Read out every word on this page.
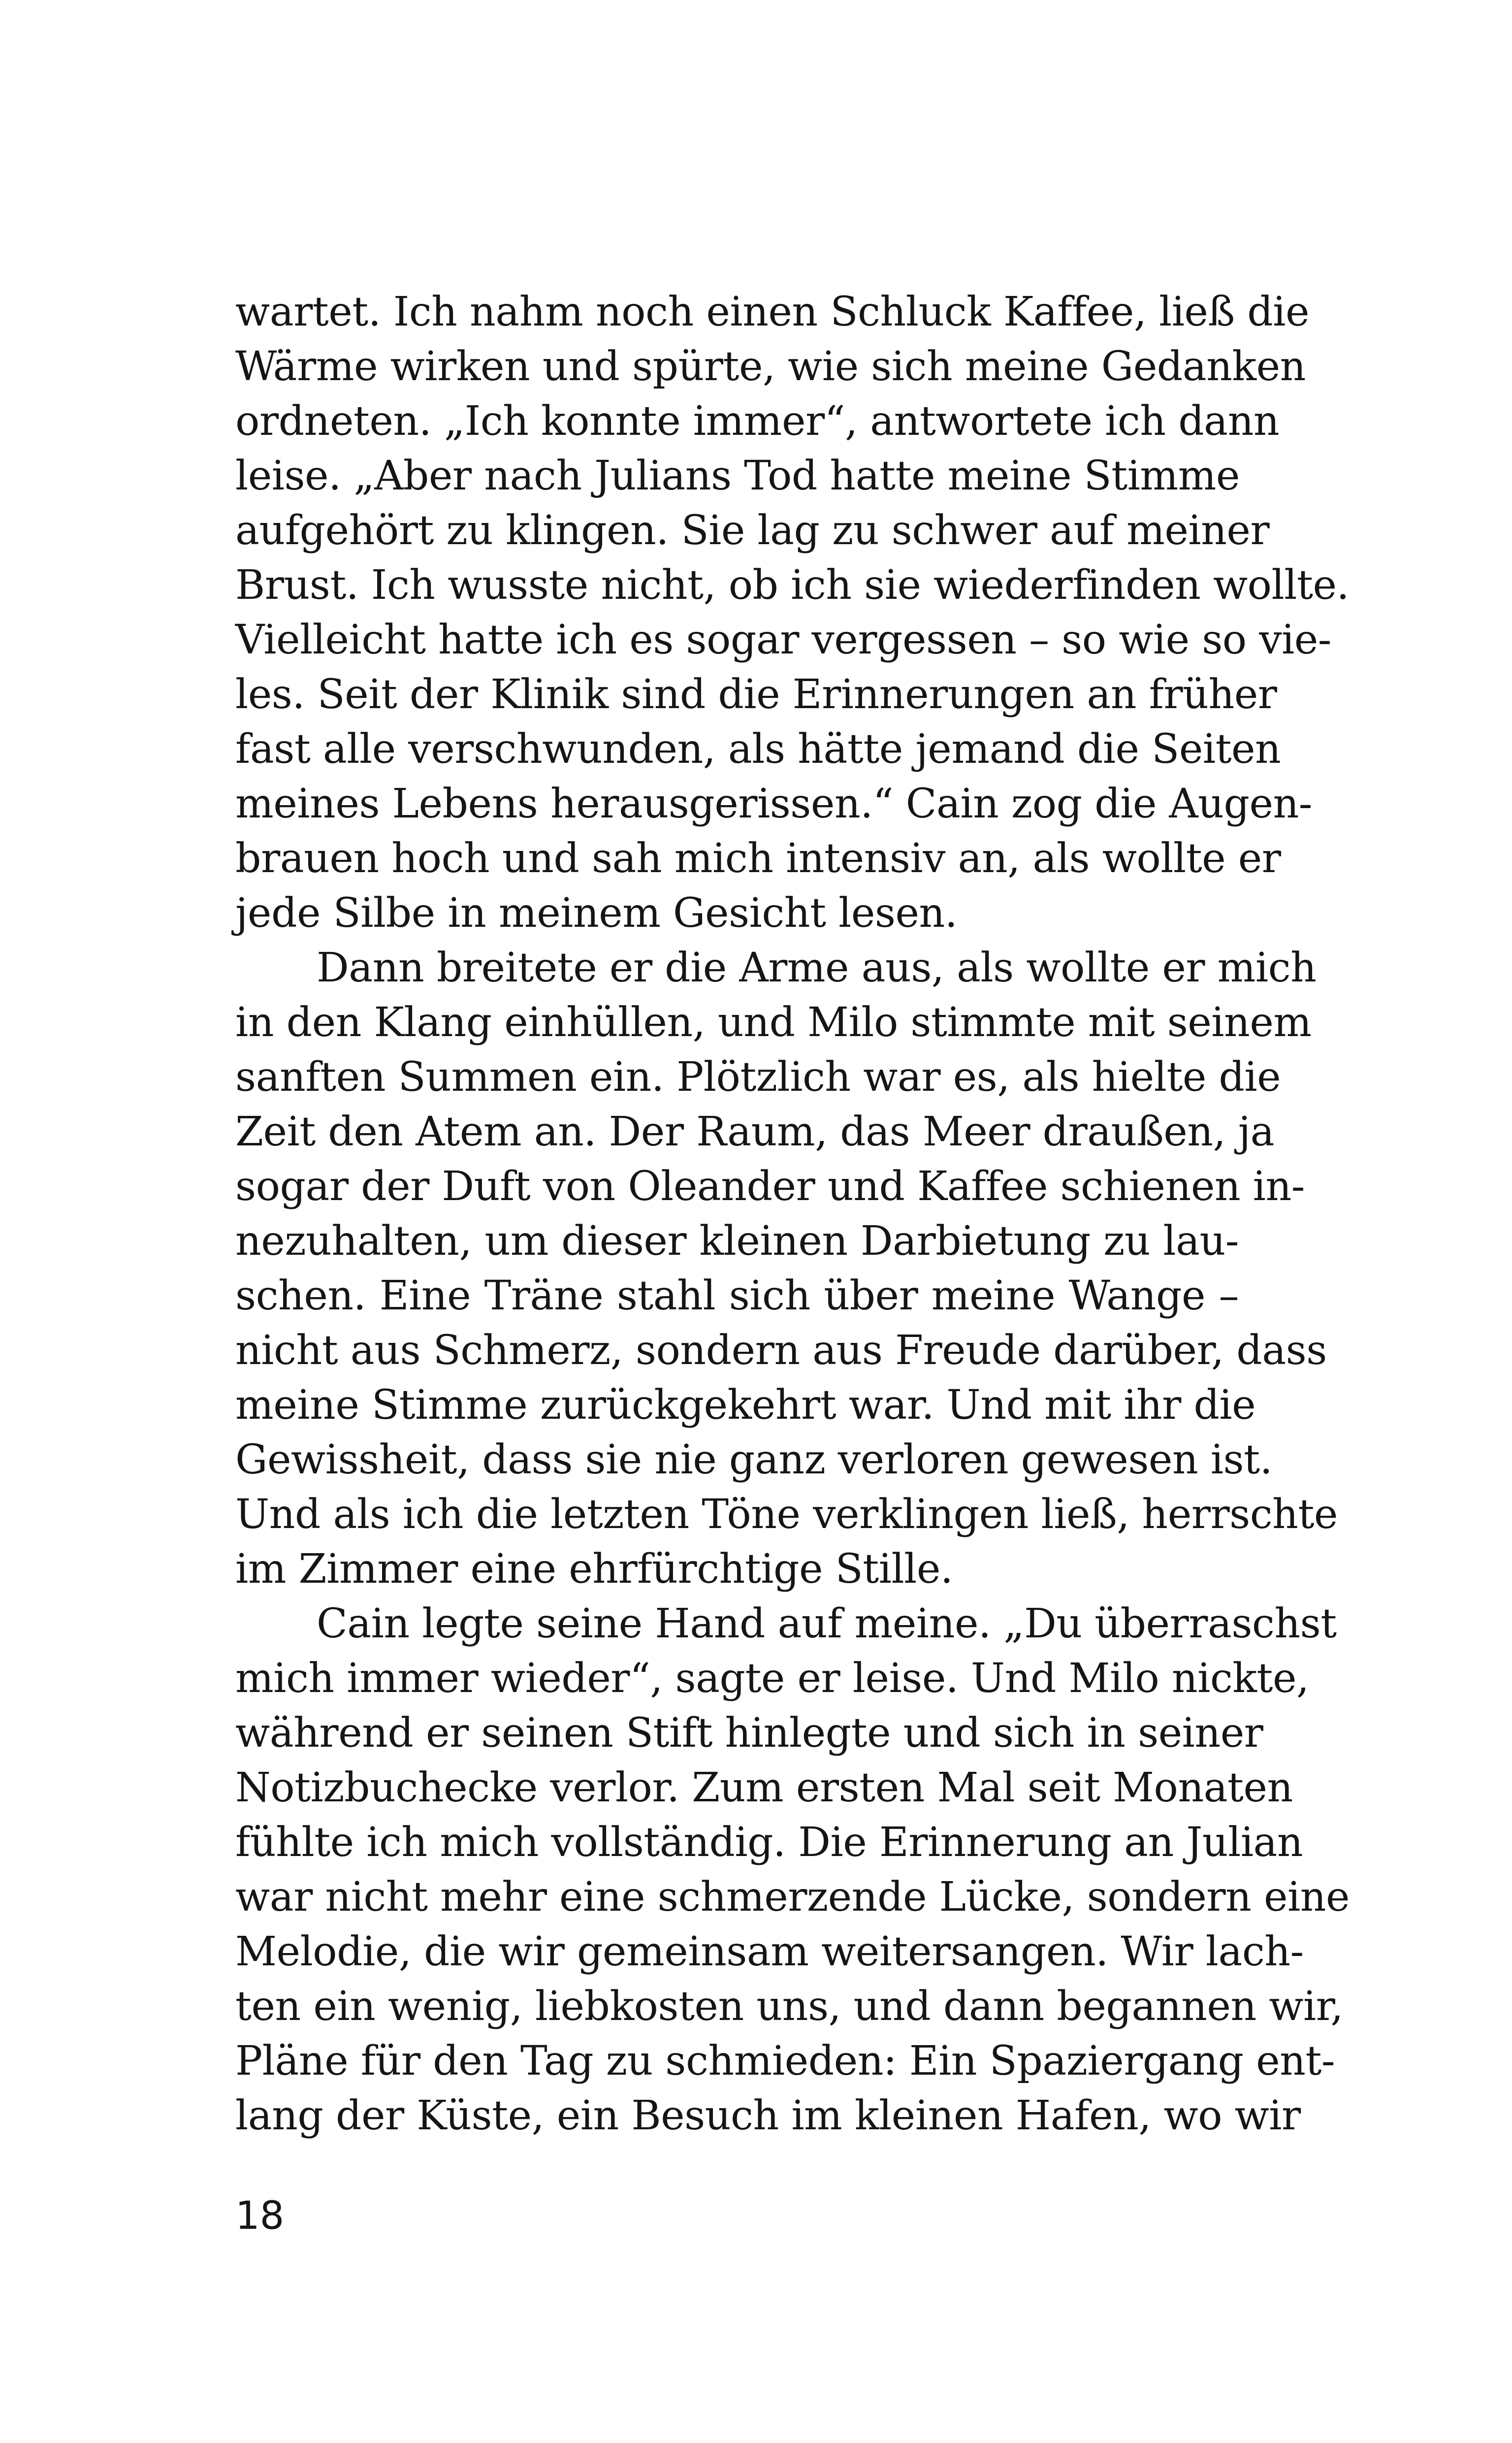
wartet. Ich nahm noch einen Schluck Kaffee, ließ die
Wärme wirken und spürte, wie sich meine Gedanken
ordneten. „Ich konnte immer“, antwortete ich dann
leise. „Aber nach Julians Tod hatte meine Stimme
aufgehört zu klingen. Sie lag zu schwer auf meiner
Brust. Ich wusste nicht, ob ich sie wiederfinden wollte.
Vielleicht hatte ich es sogar vergessen – so wie so vie-
les. Seit der Klinik sind die Erinnerungen an früher
fast alle verschwunden, als hätte jemand die Seiten
meines Lebens herausgerissen.“ Cain zog die Augen-
brauen hoch und sah mich intensiv an, als wollte er
jede Silbe in meinem Gesicht lesen.
Dann breitete er die Arme aus, als wollte er mich
in den Klang einhüllen, und Milo stimmte mit seinem
sanften Summen ein. Plötzlich war es, als hielte die
Zeit den Atem an. Der Raum, das Meer draußen, ja
sogar der Duft von Oleander und Kaffee schienen in-
nezuhalten, um dieser kleinen Darbietung zu lau-
schen. Eine Träne stahl sich über meine Wange –
nicht aus Schmerz, sondern aus Freude darüber, dass
meine Stimme zurückgekehrt war. Und mit ihr die
Gewissheit, dass sie nie ganz verloren gewesen ist.
Und als ich die letzten Töne verklingen ließ, herrschte
im Zimmer eine ehrfürchtige Stille.
Cain legte seine Hand auf meine. „Du überraschst
mich immer wieder“, sagte er leise. Und Milo nickte,
während er seinen Stift hinlegte und sich in seiner
Notizbuchecke verlor. Zum ersten Mal seit Monaten
fühlte ich mich vollständig. Die Erinnerung an Julian
war nicht mehr eine schmerzende Lücke, sondern eine
Melodie, die wir gemeinsam weitersangen. Wir lach-
ten ein wenig, liebkosten uns, und dann begannen wir,
Pläne für den Tag zu schmieden: Ein Spaziergang ent-
lang der Küste, ein Besuch im kleinen Hafen, wo wir
18
